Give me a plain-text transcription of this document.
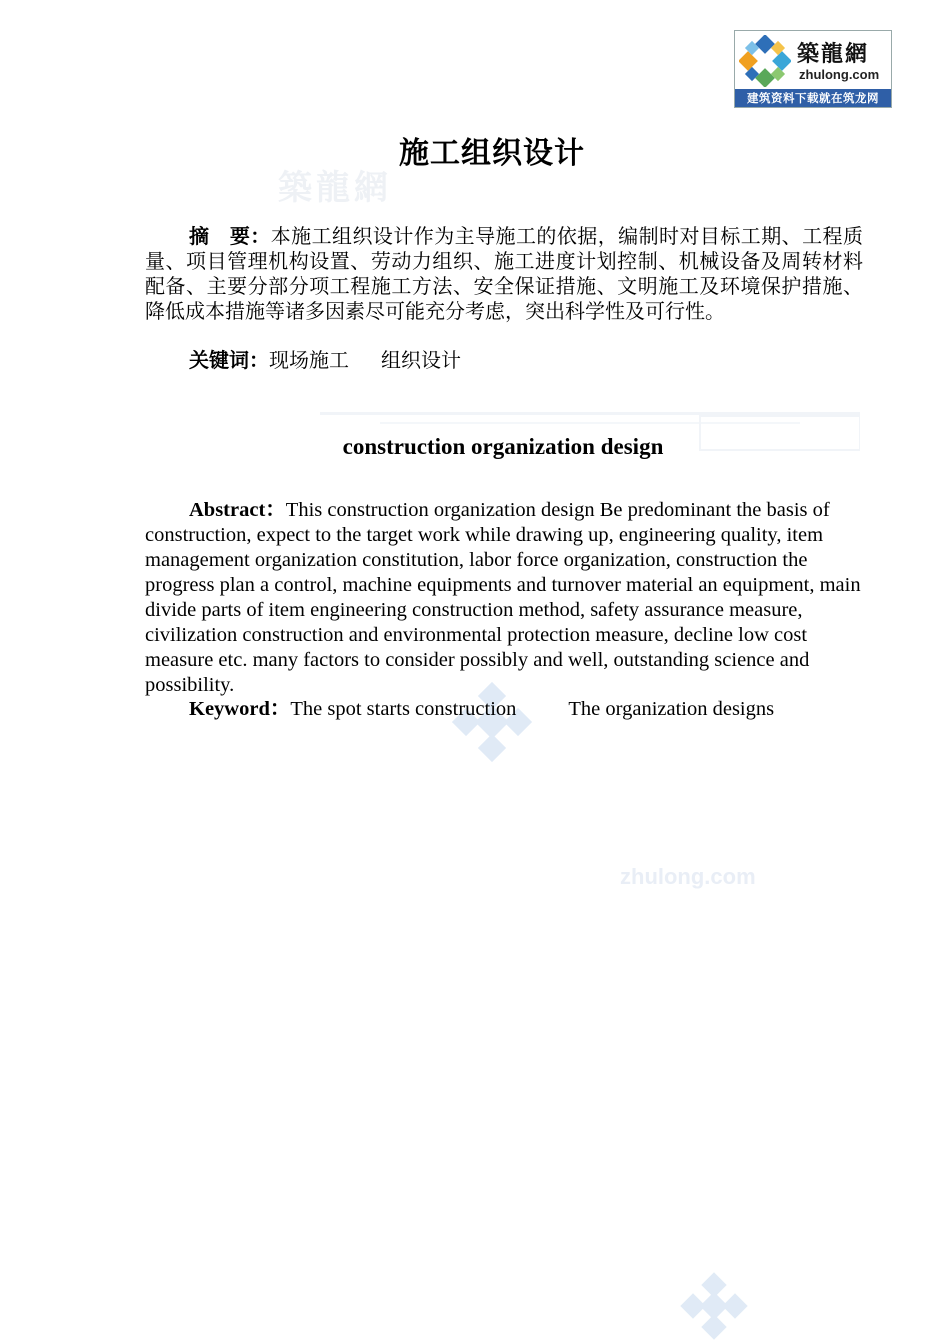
築龍網
zhulong.com
建筑资料下载就在筑龙网
築龍網
zhulong.com
施工组织设计
摘　要：本施工组织设计作为主导施工的依据，编制时对目标工期、工程质量、项目管理机构设置、劳动力组织、施工进度计划控制、机械设备及周转材料配备、主要分部分项工程施工方法、安全保证措施、文明施工及环境保护措施、降低成本措施等诸多因素尽可能充分考虑，突出科学性及可行性。
关键词：现场施工 组织设计
construction organization design
Abstract：This construction organization design Be predominant the basis of construction, expect to the target work while drawing up, engineering quality, item management organization constitution, labor force organization, construction the progress plan a control, machine equipments and turnover material an equipment, main divide parts of item engineering construction method, safety assurance measure, civilization construction and environmental protection measure, decline low cost measure etc. many factors to consider possibly and well, outstanding science and possibility.
Keyword：The spot starts construction	The organization designs
